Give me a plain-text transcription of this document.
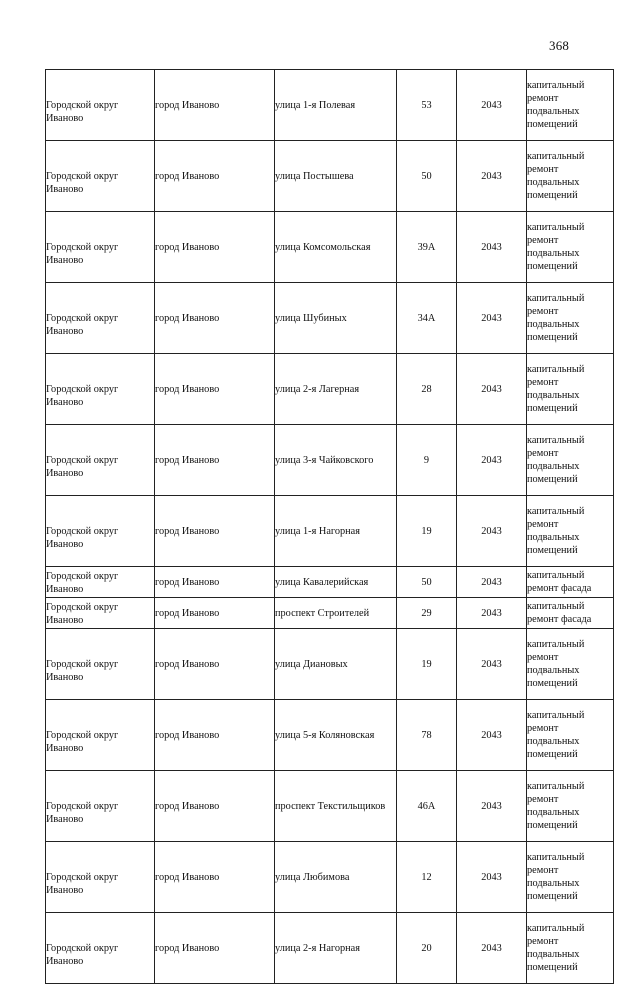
368
Городской округ Иваново	город Иваново	улица 1-я Полевая	53	2043	капитальный ремонт подвальных помещений
Городской округ Иваново	город Иваново	улица Постышева	50	2043	капитальный ремонт подвальных помещений
Городской округ Иваново	город Иваново	улица Комсомольская	39А	2043	капитальный ремонт подвальных помещений
Городской округ Иваново	город Иваново	улица Шубиных	34А	2043	капитальный ремонт подвальных помещений
Городской округ Иваново	город Иваново	улица 2-я Лагерная	28	2043	капитальный ремонт подвальных помещений
Городской округ Иваново	город Иваново	улица 3-я Чайковского	9	2043	капитальный ремонт подвальных помещений
Городской округ Иваново	город Иваново	улица 1-я Нагорная	19	2043	капитальный ремонт подвальных помещений
Городской округ Иваново	город Иваново	улица Кавалерийская	50	2043	капитальный ремонт фасада
Городской округ Иваново	город Иваново	проспект Строителей	29	2043	капитальный ремонт фасада
Городской округ Иваново	город Иваново	улица Диановых	19	2043	капитальный ремонт подвальных помещений
Городской округ Иваново	город Иваново	улица 5-я Коляновская	78	2043	капитальный ремонт подвальных помещений
Городской округ Иваново	город Иваново	проспект Текстильщиков	46А	2043	капитальный ремонт подвальных помещений
Городской округ Иваново	город Иваново	улица Любимова	12	2043	капитальный ремонт подвальных помещений
Городской округ Иваново	город Иваново	улица 2-я Нагорная	20	2043	капитальный ремонт подвальных помещений
